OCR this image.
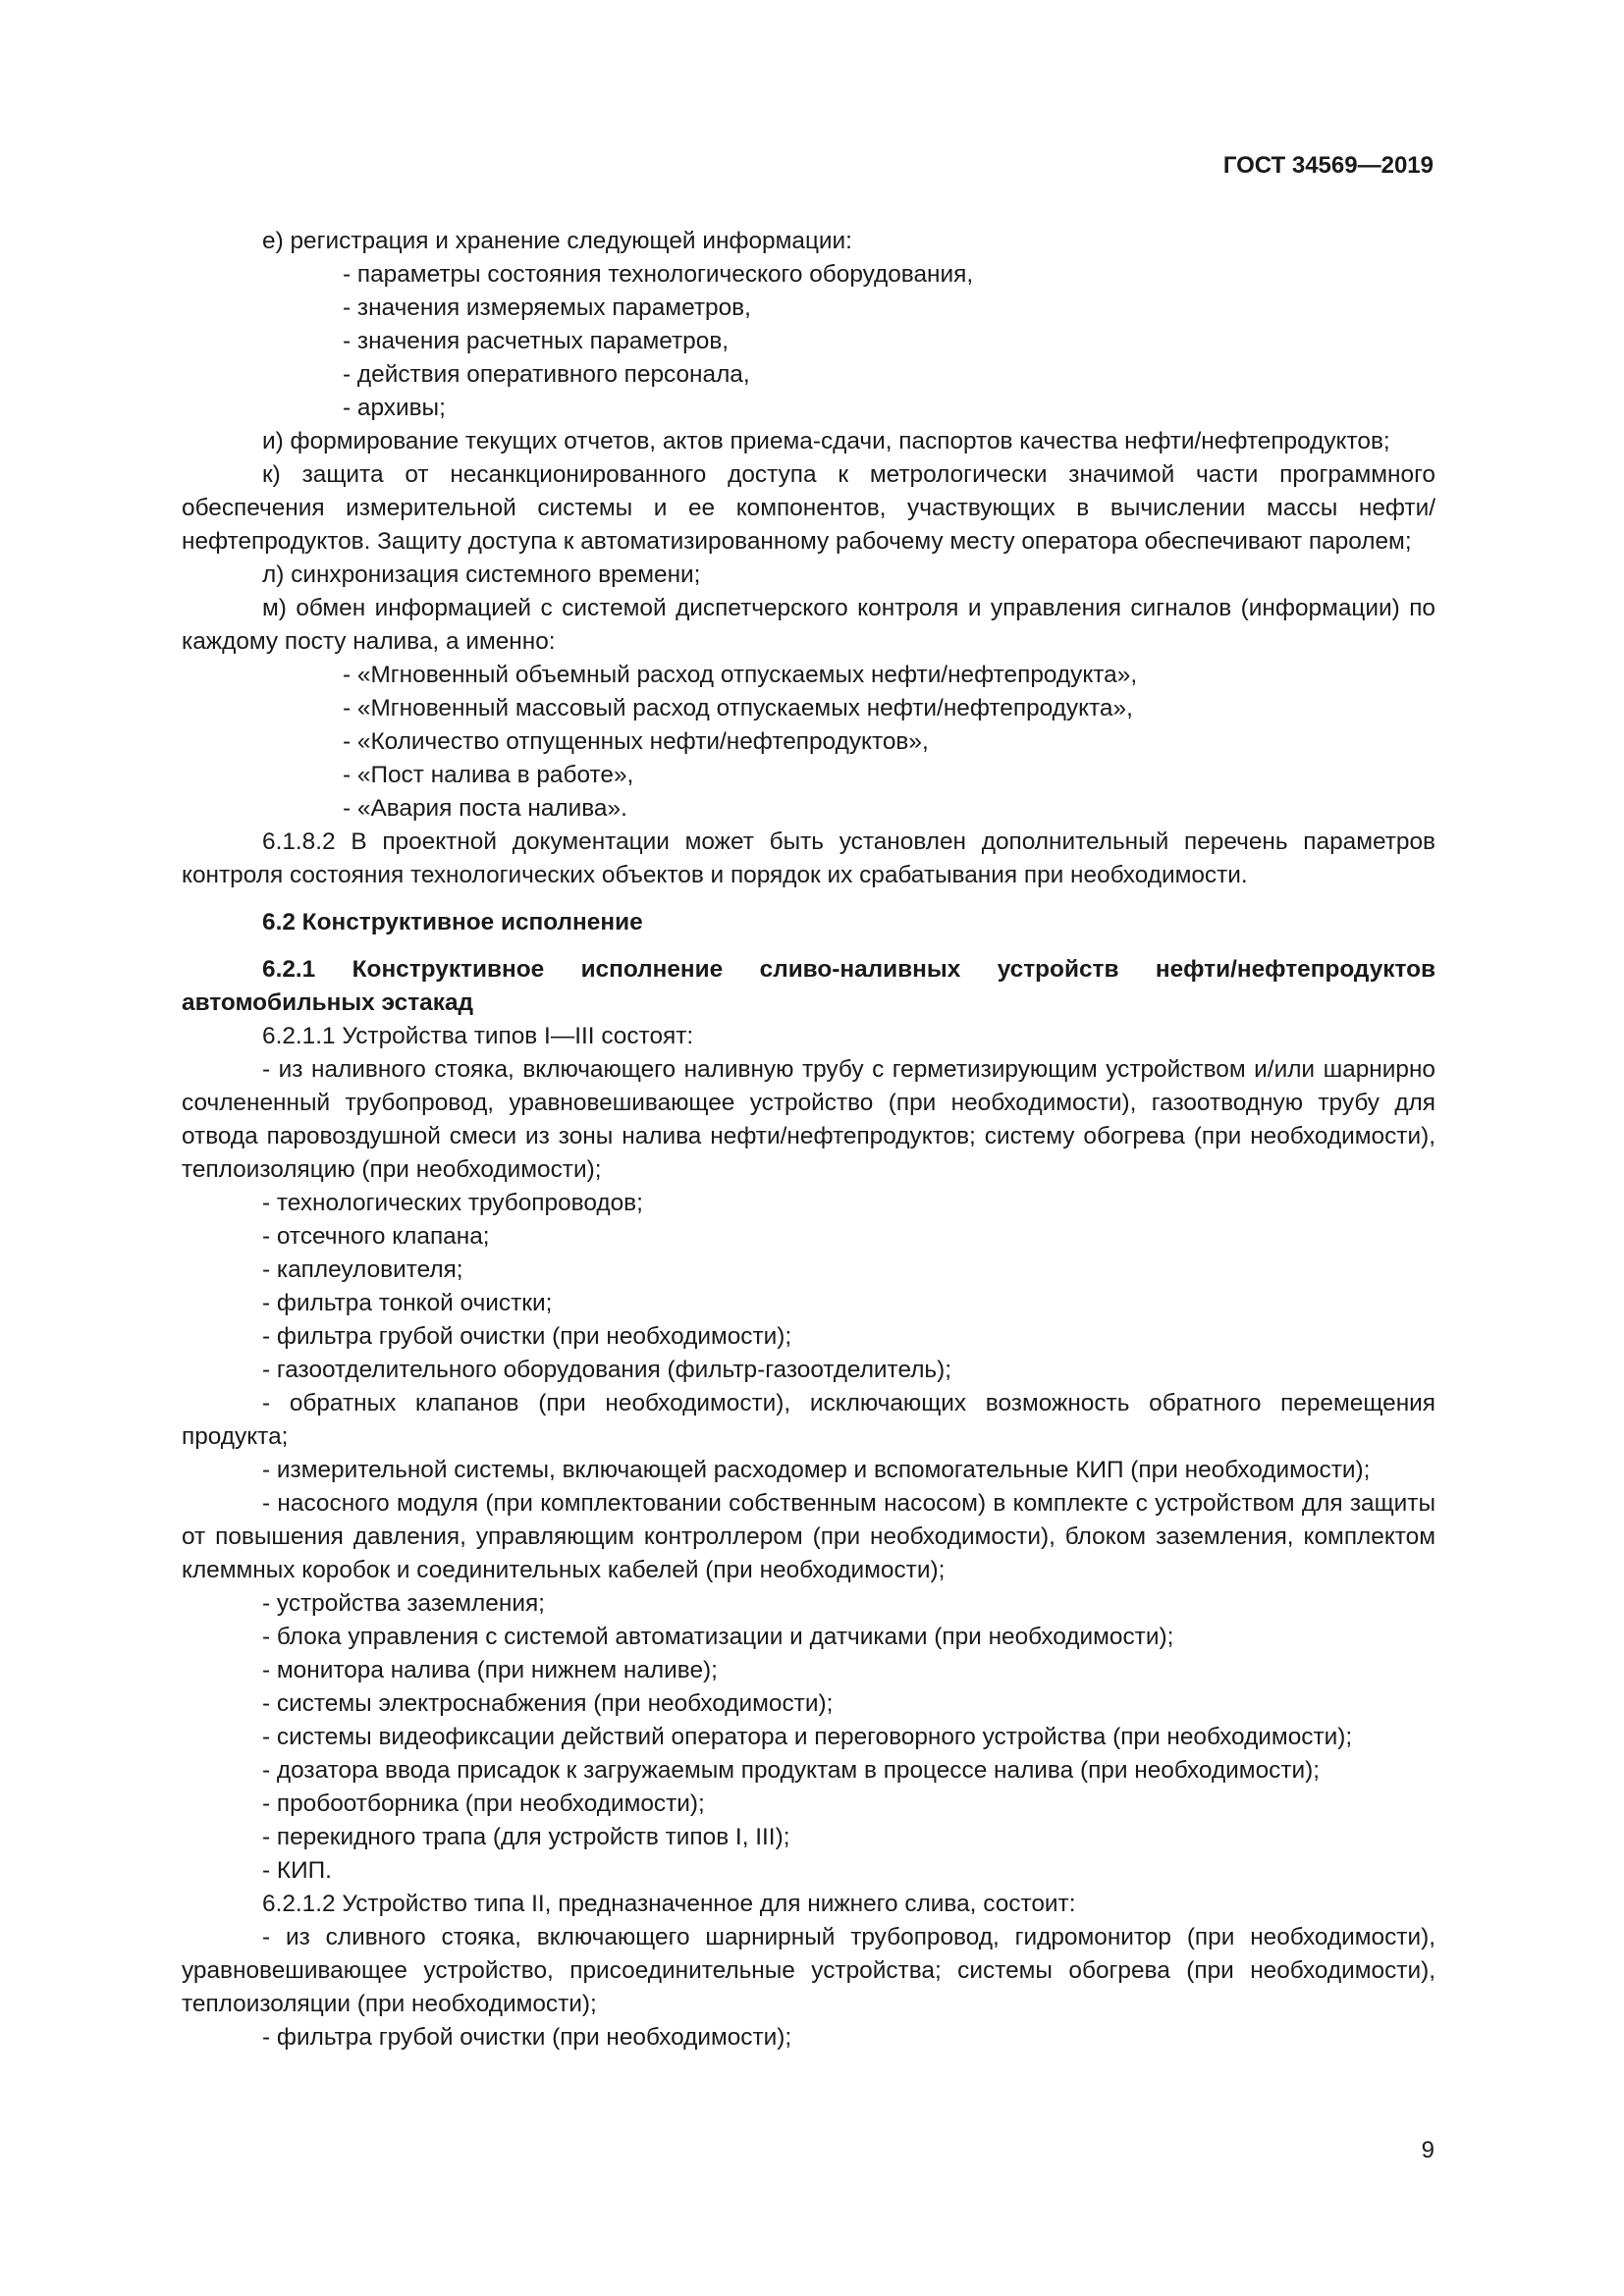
ГОСТ 34569—2019

е) регистрация и хранение следующей информации:

- параметры состояния технологического оборудования,

- значения измеряемых параметров,

- значения расчетных параметров,

- действия оперативного персонала,

- архивы;

и) формирование текущих отчетов, актов приема-сдачи, паспортов качества нефти/нефтепродуктов;

к) защита от несанкционированного доступа к метрологически значимой части программного обеспечения измерительной системы и ее компонентов, участвующих в вычислении массы нефти/нефтепродуктов. Защиту доступа к автоматизированному рабочему месту оператора обеспечивают паролем;

л) синхронизация системного времени;

м) обмен информацией с системой диспетчерского контроля и управления сигналов (информации) по каждому посту налива, а именно:

- «Мгновенный объемный расход отпускаемых нефти/нефтепродукта»,

- «Мгновенный массовый расход отпускаемых нефти/нефтепродукта»,

- «Количество отпущенных нефти/нефтепродуктов»,

- «Пост налива в работе»,

- «Авария поста налива».

6.1.8.2 В проектной документации может быть установлен дополнительный перечень параметров контроля состояния технологических объектов и порядок их срабатывания при необходимости.

6.2 Конструктивное исполнение

6.2.1 Конструктивное исполнение сливо-наливных устройств нефти/нефтепродуктов автомобильных эстакад

6.2.1.1 Устройства типов I—III состоят:

- из наливного стояка, включающего наливную трубу с герметизирующим устройством и/или шарнирно сочлененный трубопровод, уравновешивающее устройство (при необходимости), газоотводную трубу для отвода паровоздушной смеси из зоны налива нефти/нефтепродуктов; систему обогрева (при необходимости), теплоизоляцию (при необходимости);

- технологических трубопроводов;

- отсечного клапана;

- каплеуловителя;

- фильтра тонкой очистки;

- фильтра грубой очистки (при необходимости);

- газоотделительного оборудования (фильтр-газоотделитель);

- обратных клапанов (при необходимости), исключающих возможность обратного перемещения продукта;

- измерительной системы, включающей расходомер и вспомогательные КИП (при необходимости);

- насосного модуля (при комплектовании собственным насосом) в комплекте с устройством для защиты от повышения давления, управляющим контроллером (при необходимости), блоком заземления, комплектом клеммных коробок и соединительных кабелей (при необходимости);

- устройства заземления;

- блока управления с системой автоматизации и датчиками (при необходимости);

- монитора налива (при нижнем наливе);

- системы электроснабжения (при необходимости);

- системы видеофиксации действий оператора и переговорного устройства (при необходимости);

- дозатора ввода присадок к загружаемым продуктам в процессе налива (при необходимости);

- пробоотборника (при необходимости);

- перекидного трапа (для устройств типов I, III);

- КИП.

6.2.1.2 Устройство типа II, предназначенное для нижнего слива, состоит:

- из сливного стояка, включающего шарнирный трубопровод, гидромонитор (при необходимости), уравновешивающее устройство, присоединительные устройства; системы обогрева (при необходимости), теплоизоляции (при необходимости);

- фильтра грубой очистки (при необходимости);

9
